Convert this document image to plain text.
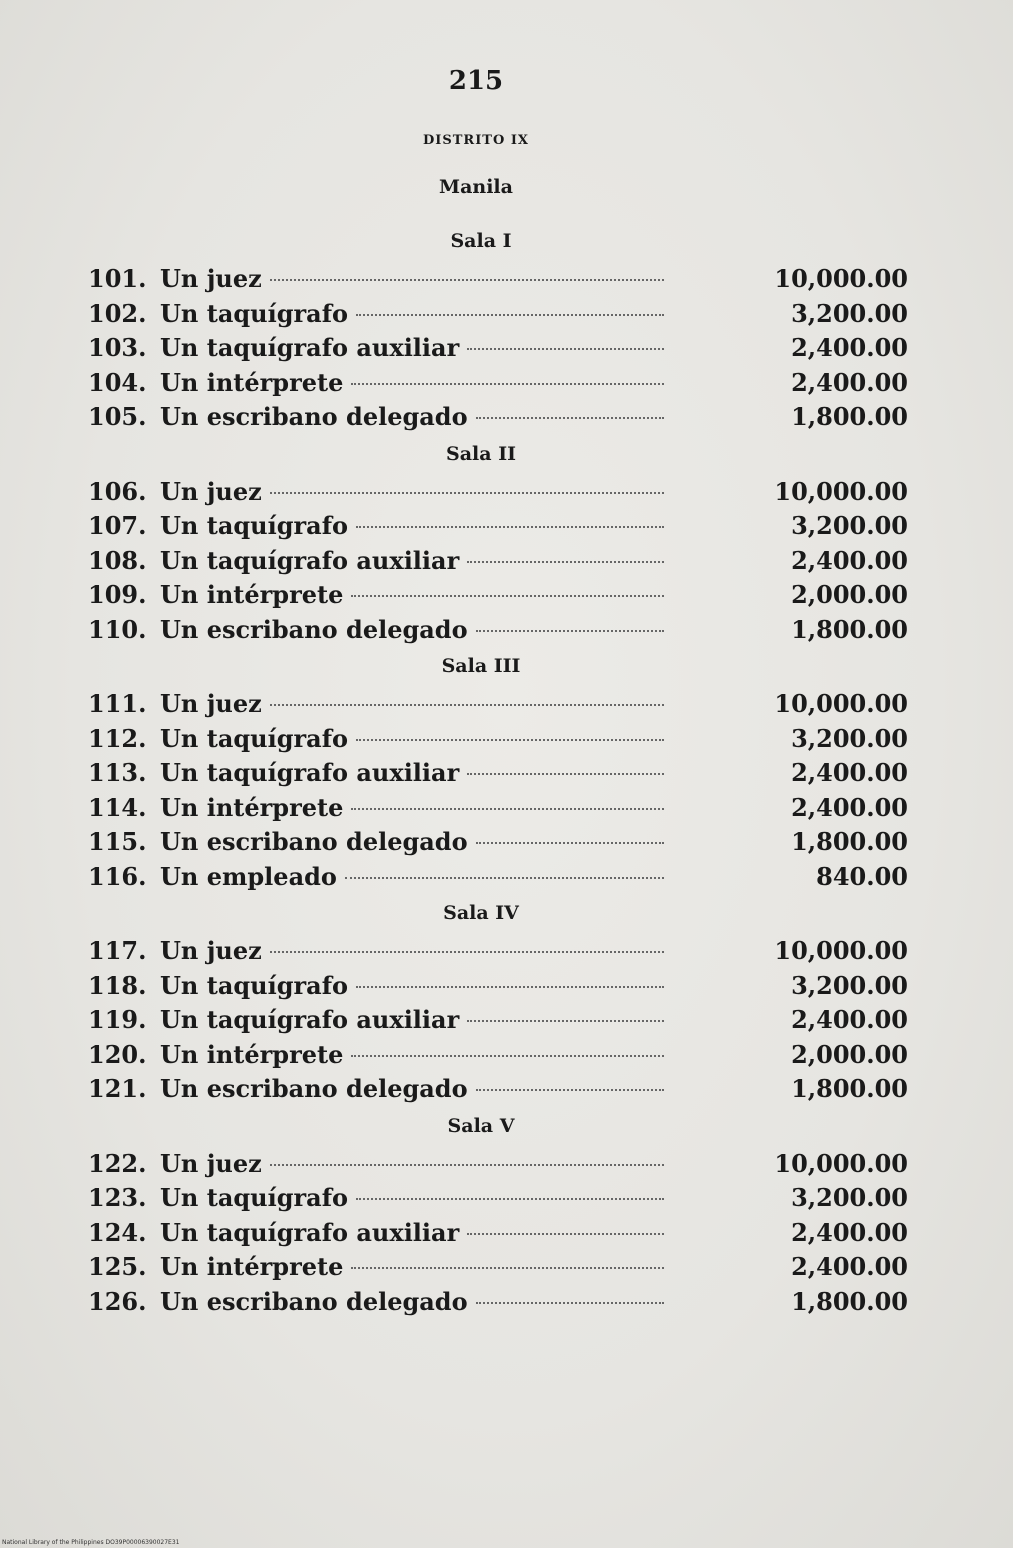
215
DISTRITO IX
Manila
Sala I
101. Un juez	10,000.00
102. Un taquígrafo	3,200.00
103. Un taquígrafo auxiliar	2,400.00
104. Un intérprete	2,400.00
105. Un escribano delegado	1,800.00
Sala II
106. Un juez	10,000.00
107. Un taquígrafo	3,200.00
108. Un taquígrafo auxiliar	2,400.00
109. Un intérprete	2,000.00
110. Un escribano delegado	1,800.00
Sala III
111. Un juez	10,000.00
112. Un taquígrafo	3,200.00
113. Un taquígrafo auxiliar	2,400.00
114. Un intérprete	2,400.00
115. Un escribano delegado	1,800.00
116. Un empleado	840.00
Sala IV
117. Un juez	10,000.00
118. Un taquígrafo	3,200.00
119. Un taquígrafo auxiliar	2,400.00
120. Un intérprete	2,000.00
121. Un escribano delegado	1,800.00
Sala V
122. Un juez	10,000.00
123. Un taquígrafo	3,200.00
124. Un taquígrafo auxiliar	2,400.00
125. Un intérprete	2,400.00
126. Un escribano delegado	1,800.00
National Library of the Philippines DO39P00006390027E31
